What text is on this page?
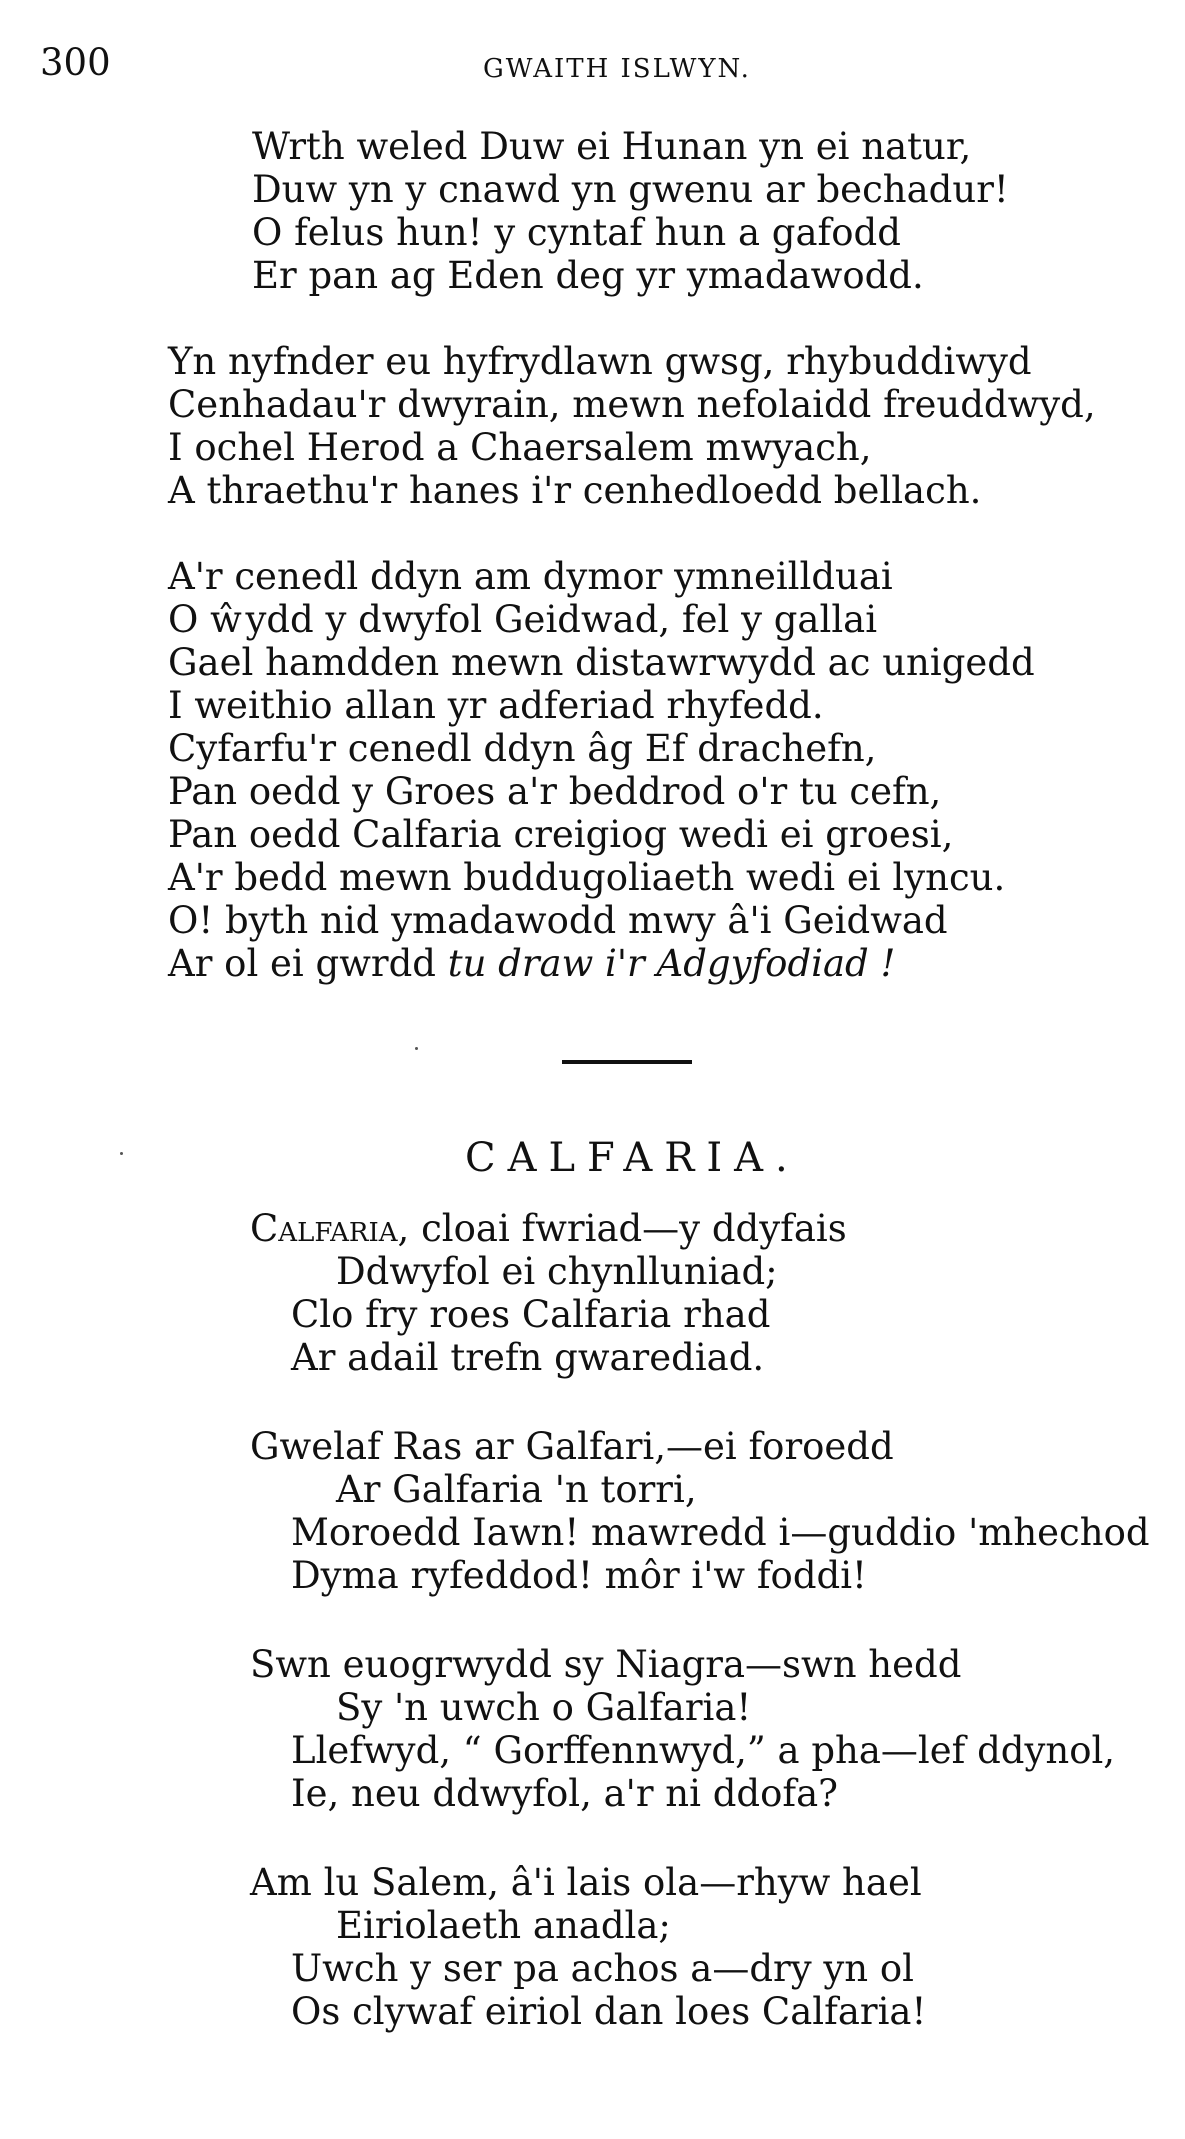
300	GWAITH ISLWYN.
Wrth weled Duw ei Hunan yn ei natur,
Duw yn y cnawd yn gwenu ar bechadur!
O felus hun! y cyntaf hun a gafodd
Er pan ag Eden deg yr ymadawodd.
Yn nyfnder eu hyfrydlawn gwsg, rhybuddiwyd
Cenhadau'r dwyrain, mewn nefolaidd freuddwyd,
I ochel Herod a Chaersalem mwyach,
A thraethu'r hanes i'r cenhedloedd bellach.
A'r cenedl ddyn am dymor ymneillduai
O ŵydd y dwyfol Geidwad, fel y gallai
Gael hamdden mewn distawrwydd ac unigedd
I weithio allan yr adferiad rhyfedd.
Cyfarfu'r cenedl ddyn âg Ef drachefn,
Pan oedd y Groes a'r beddrod o'r tu cefn,
Pan oedd Calfaria creigiog wedi ei groesi,
A'r bedd mewn buddugoliaeth wedi ei lyncu.
O! byth nid ymadawodd mwy â'i Geidwad
Ar ol ei gwrdd tu draw i'r Adgyfodiad !
CALFARIA.
Calfaria, cloai fwriad—y ddyfais
Ddwyfol ei chynlluniad;
Clo fry roes Calfaria rhad
Ar adail trefn gwarediad.
Gwelaf Ras ar Galfari,—ei foroedd
Ar Galfaria 'n torri,
Moroedd Iawn! mawredd i—guddio 'mhechod
Dyma ryfeddod! môr i'w foddi!
Swn euogrwydd sy Niagra—swn hedd
Sy 'n uwch o Galfaria!
Llefwyd, “ Gorffennwyd,” a pha—lef ddynol,
Ie, neu ddwyfol, a'r ni ddofa?
Am lu Salem, â'i lais ola—rhyw hael
Eiriolaeth anadla;
Uwch y ser pa achos a—dry yn ol
Os clywaf eiriol dan loes Calfaria!
